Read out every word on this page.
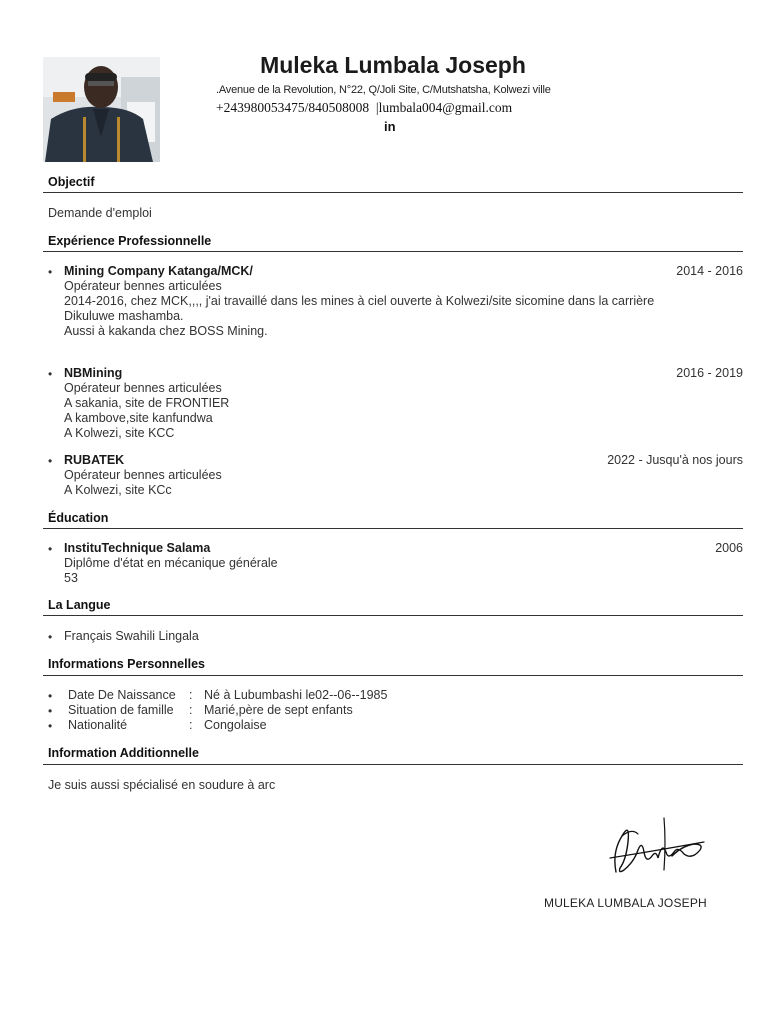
Muleka Lumbala Joseph
.Avenue de la Revolution, N°22, Q/Joli Site, C/Mutshatsha, Kolwezi ville
+243980053475/840508008  |lumbala004@gmail.com
in
Objectif
Demande d'emploi
Expérience Professionnelle
• Mining Company Katanga/MCK/	2014 - 2016
Opérateur bennes articulées
2014-2016, chez MCK,,,, j'ai travaillé dans les mines à ciel ouverte à Kolwezi/site sicomine dans la carrière
Dikuluwe mashamba.
Aussi à kakanda chez BOSS Mining.
• NBMining	2016 - 2019
Opérateur bennes articulées
A sakania, site de FRONTIER
A kambove,site kanfundwa
A Kolwezi, site KCC
• RUBATEK	2022 - Jusqu'à nos jours
Opérateur bennes articulées
A Kolwezi, site KCc
Éducation
• InstituTechnique Salama	2006
Diplôme d'état en mécanique générale
53
La Langue
• Français Swahili Lingala
Informations Personnelles
• Date De Naissance : Né à Lubumbashi le02--06--1985
• Situation de famille : Marié,père de sept enfants
• Nationalité	: Congolaise
Information Additionnelle
Je suis aussi spécialisé en soudure à arc
MULEKA LUMBALA JOSEPH
